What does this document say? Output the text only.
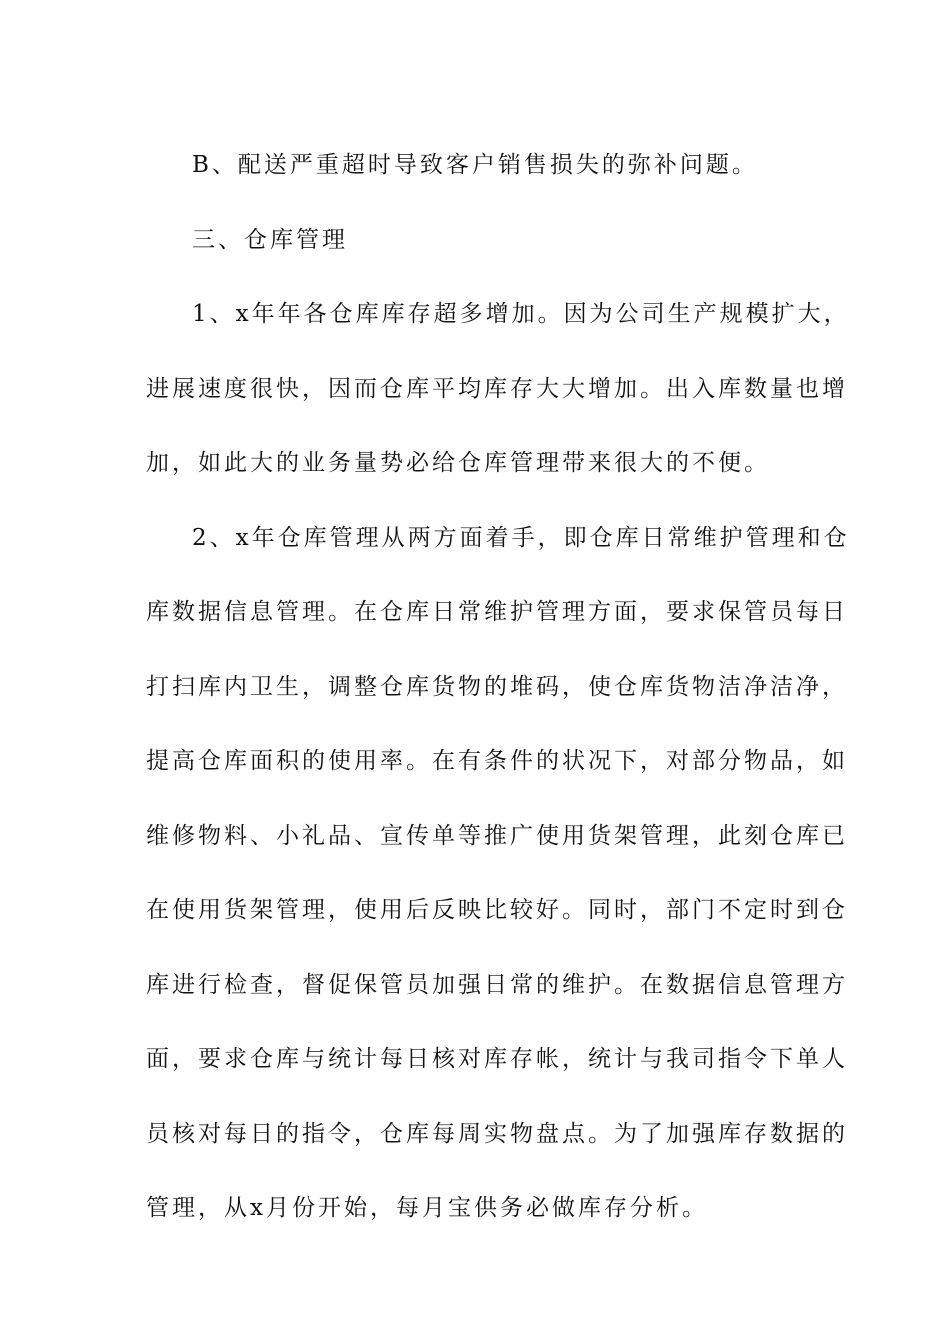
B、配送严重超时导致客户销售损失的弥补问题。

三、仓库管理

1、x年年各仓库库存超多增加。因为公司生产规模扩大，
进展速度很快，因而仓库平均库存大大增加。出入库数量也增
加，如此大的业务量势必给仓库管理带来很大的不便。

2、x年仓库管理从两方面着手，即仓库日常维护管理和仓
库数据信息管理。在仓库日常维护管理方面，要求保管员每日
打扫库内卫生，调整仓库货物的堆码，使仓库货物洁净洁净，
提高仓库面积的使用率。在有条件的状况下，对部分物品，如
维修物料、小礼品、宣传单等推广使用货架管理，此刻仓库已
在使用货架管理，使用后反映比较好。同时，部门不定时到仓
库进行检查，督促保管员加强日常的维护。在数据信息管理方
面，要求仓库与统计每日核对库存帐，统计与我司指令下单人
员核对每日的指令，仓库每周实物盘点。为了加强库存数据的
管理，从x月份开始，每月宝供务必做库存分析。
